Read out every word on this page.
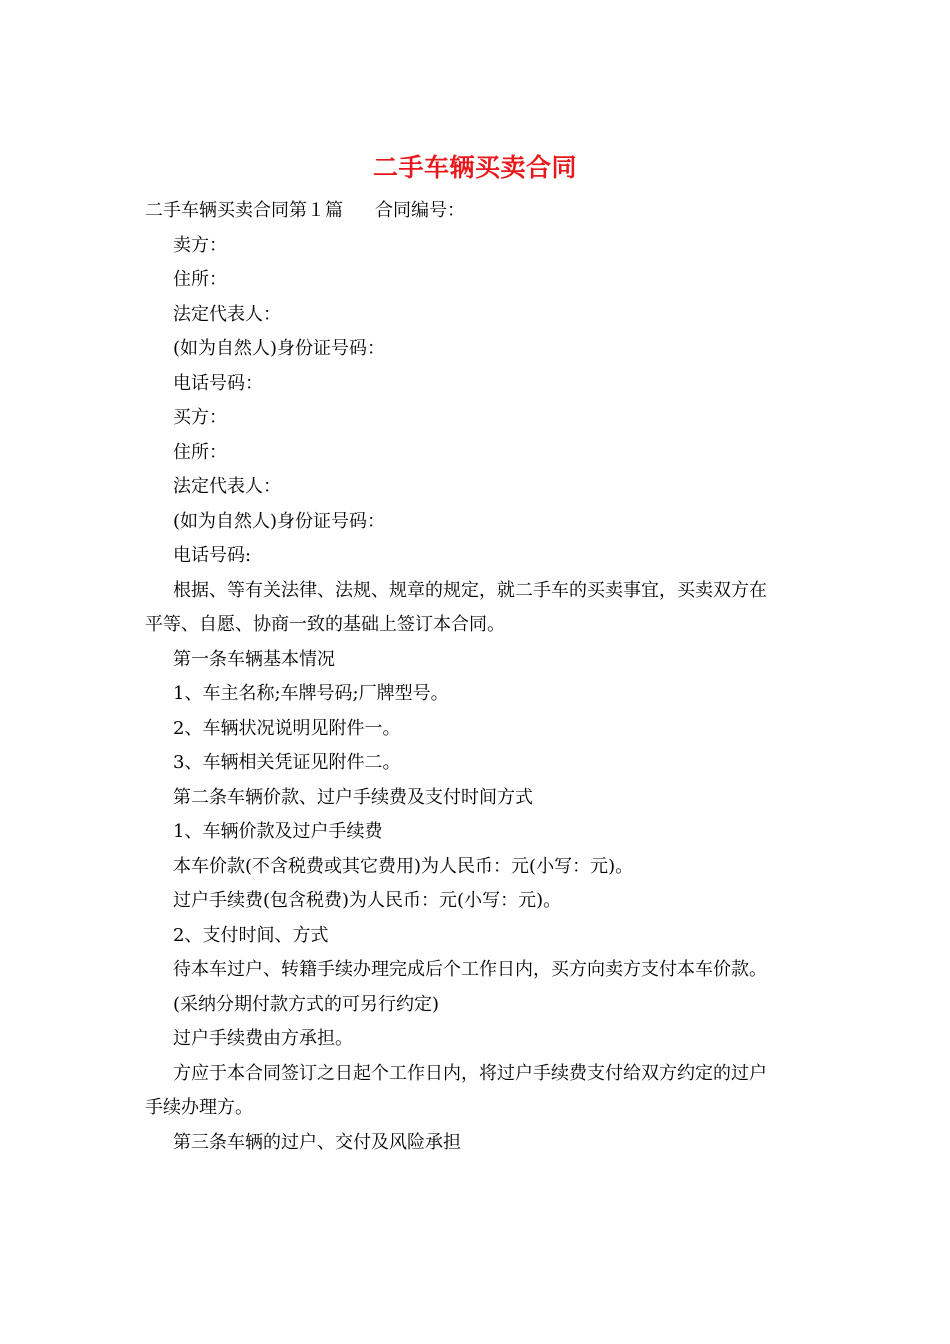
二手车辆买卖合同
二手车辆买卖合同第１篇 合同编号：
卖方：
住所：
法定代表人：
(如为自然人)身份证号码：
电话号码：
买方：
住所：
法定代表人：
(如为自然人)身份证号码：
电话号码:
根据、等有关法律、法规、规章的规定，就二手车的买卖事宜，买卖双方在
平等、自愿、协商一致的基础上签订本合同。
第一条车辆基本情况
1、车主名称;车牌号码;厂牌型号。
2、车辆状况说明见附件一。
3、车辆相关凭证见附件二。
第二条车辆价款、过户手续费及支付时间方式
1、车辆价款及过户手续费
本车价款(不含税费或其它费用)为人民币：元(小写：元)。
过户手续费(包含税费)为人民币：元(小写：元)。
2、支付时间、方式
待本车过户、转籍手续办理完成后个工作日内，买方向卖方支付本车价款。
(采纳分期付款方式的可另行约定)
过户手续费由方承担。
方应于本合同签订之日起个工作日内，将过户手续费支付给双方约定的过户
手续办理方。
第三条车辆的过户、交付及风险承担
